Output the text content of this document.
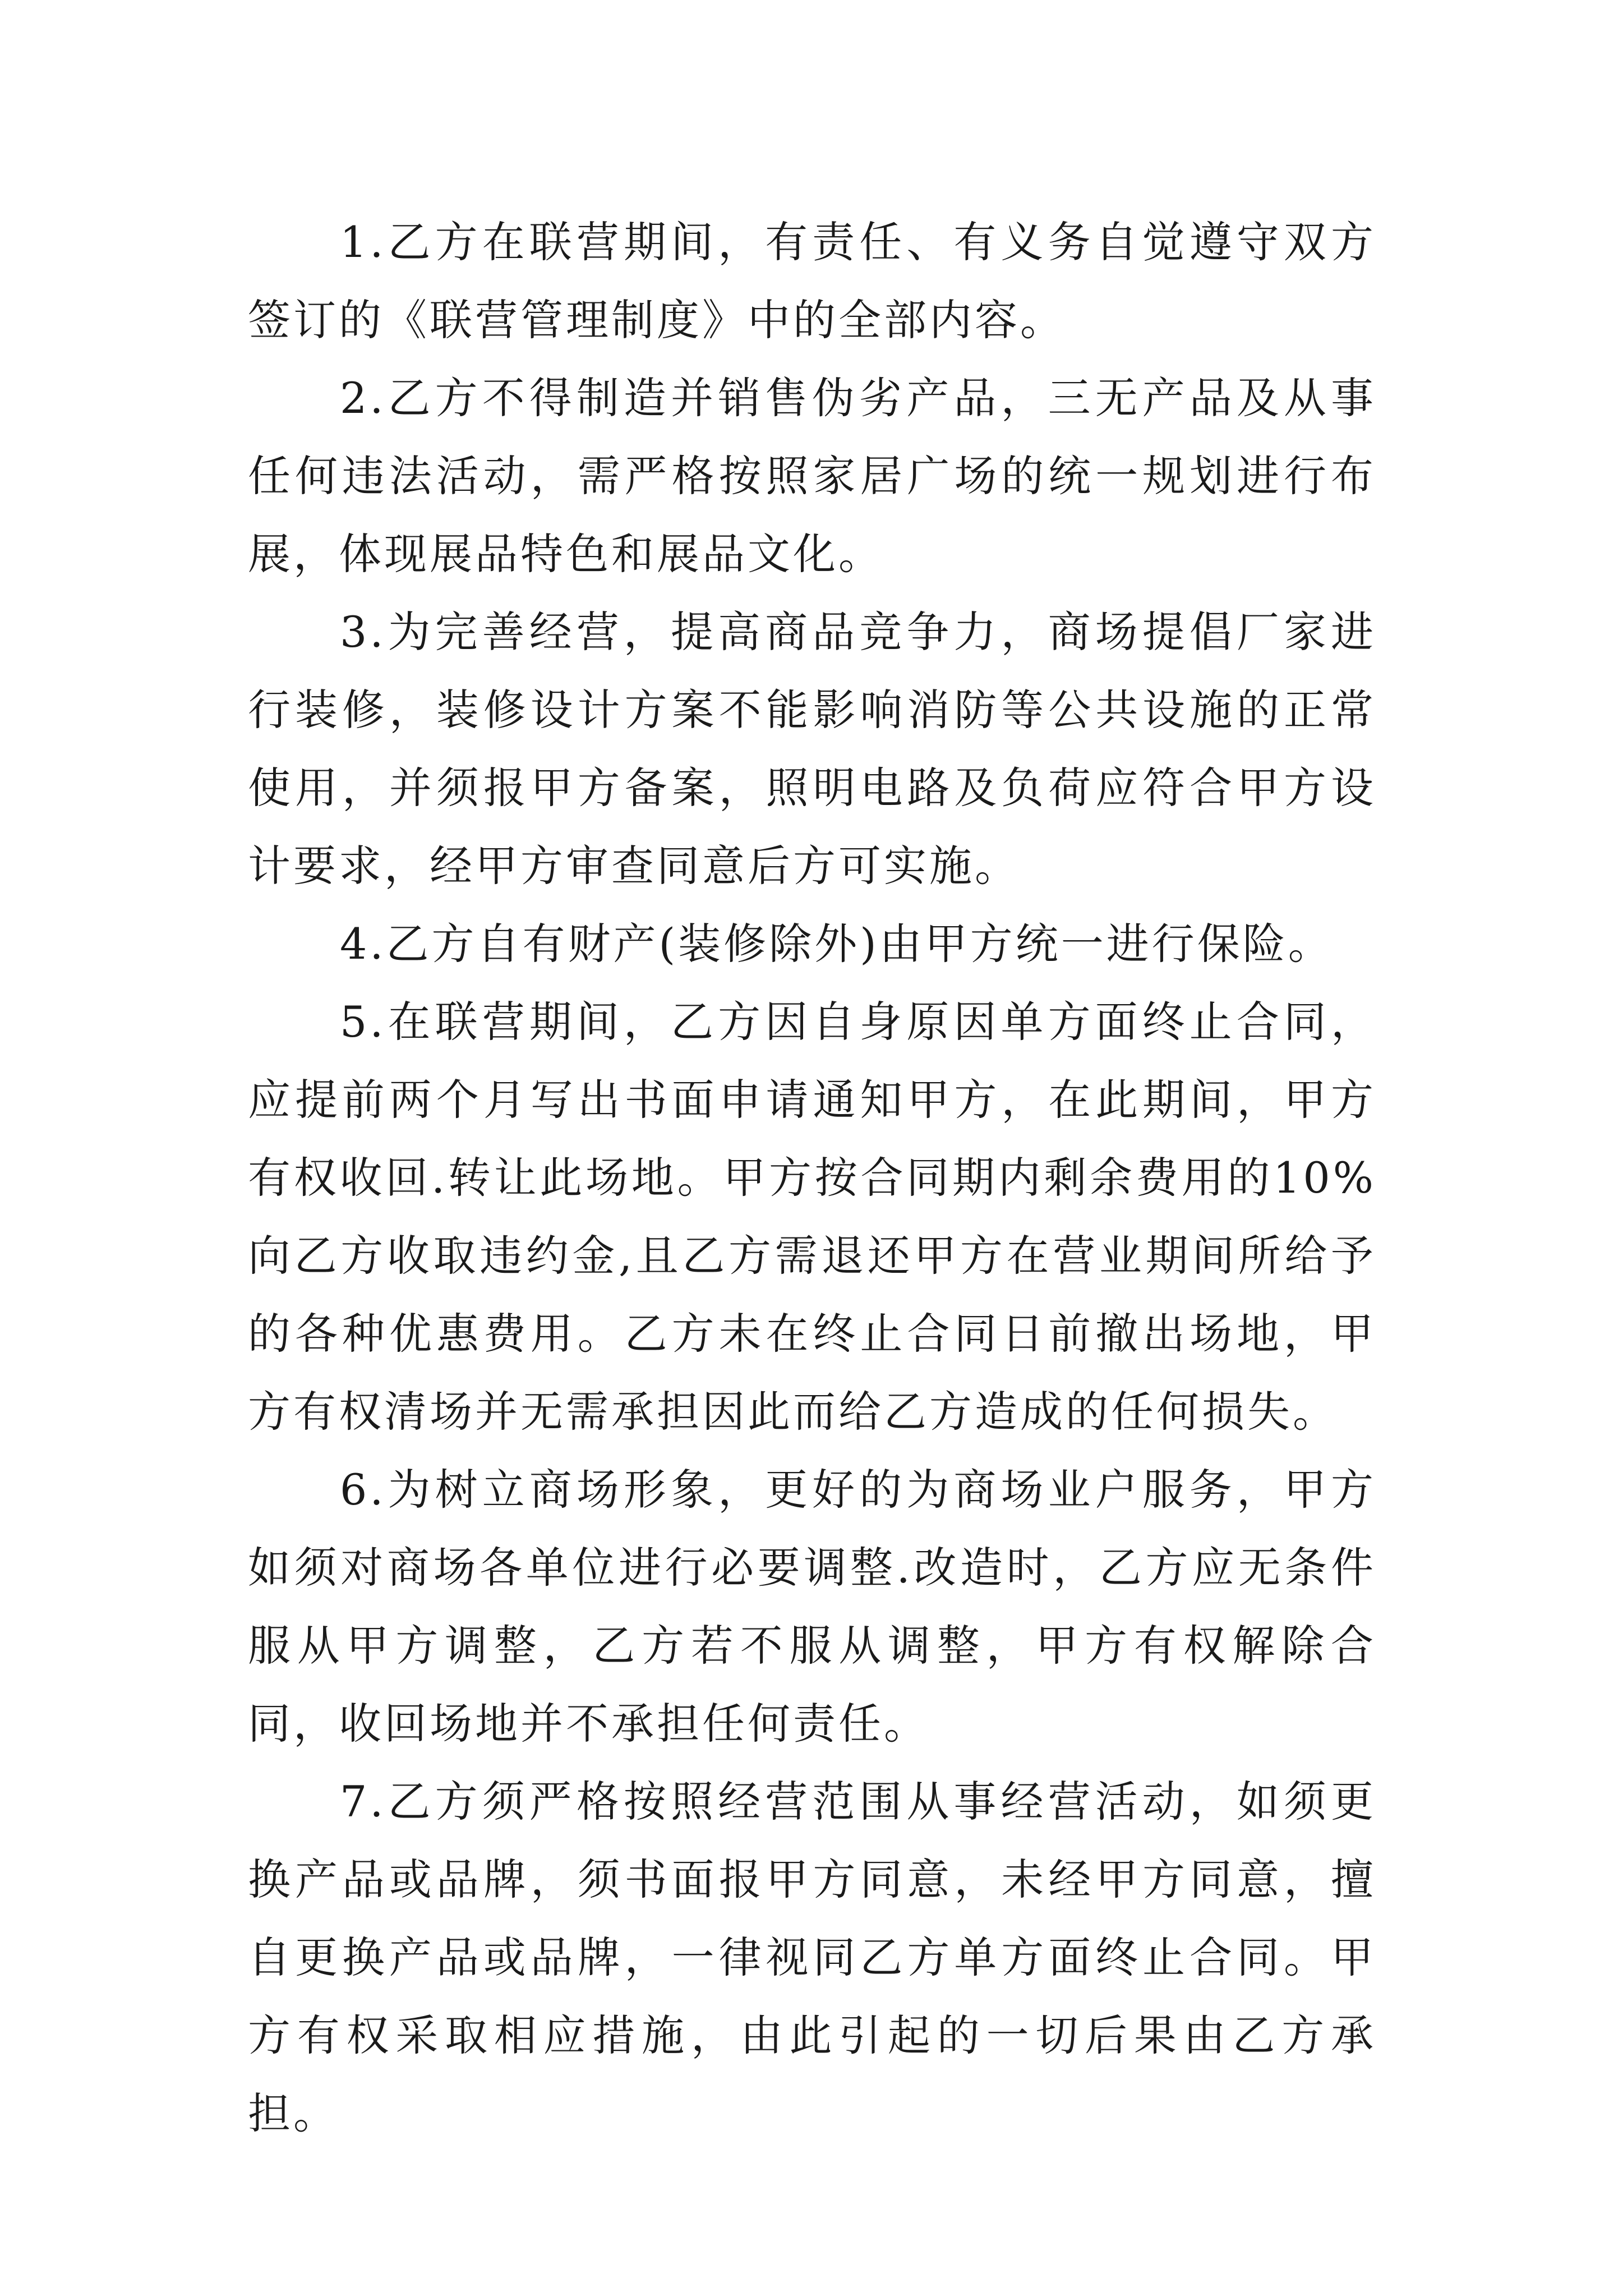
1.乙方在联营期间，有责任、有义务自觉遵守双方签订的《联营管理制度》中的全部内容。

2.乙方不得制造并销售伪劣产品，三无产品及从事任何违法活动，需严格按照家居广场的统一规划进行布展，体现展品特色和展品文化。

3.为完善经营，提高商品竞争力，商场提倡厂家进行装修，装修设计方案不能影响消防等公共设施的正常使用，并须报甲方备案，照明电路及负荷应符合甲方设计要求，经甲方审查同意后方可实施。

4.乙方自有财产(装修除外)由甲方统一进行保险。

5.在联营期间，乙方因自身原因单方面终止合同，应提前两个月写出书面申请通知甲方，在此期间，甲方有权收回.转让此场地。甲方按合同期内剩余费用的10%向乙方收取违约金,且乙方需退还甲方在营业期间所给予的各种优惠费用。乙方未在终止合同日前撤出场地，甲方有权清场并无需承担因此而给乙方造成的任何损失。

6.为树立商场形象，更好的为商场业户服务，甲方如须对商场各单位进行必要调整.改造时，乙方应无条件服从甲方调整，乙方若不服从调整，甲方有权解除合同，收回场地并不承担任何责任。

7.乙方须严格按照经营范围从事经营活动，如须更换产品或品牌，须书面报甲方同意，未经甲方同意，擅自更换产品或品牌，一律视同乙方单方面终止合同。甲方有权采取相应措施，由此引起的一切后果由乙方承担。
